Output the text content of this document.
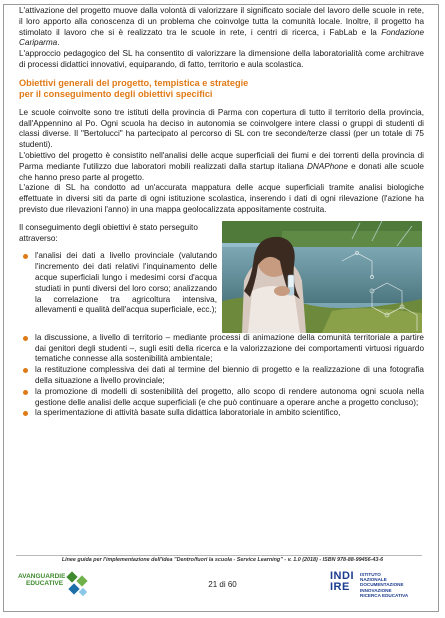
L'attivazione del progetto muove dalla volontà di valorizzare il significato sociale del lavoro delle scuole in rete, il loro apporto alla conoscenza di un problema che coinvolge tutta la comunità locale. Inoltre, il progetto ha stimolato il lavoro che si è realizzato tra le scuole in rete, i centri di ricerca, i FabLab e la Fondazione Cariparma.

L'approccio pedagogico del SL ha consentito di valorizzare la dimensione della laboratorialità come architrave di processi didattici innovativi, equiparando, di fatto, territorio e aula scolastica.

Obiettivi generali del progetto, tempistica e strategie
per il conseguimento degli obiettivi specifici

Le scuole coinvolte sono tre istituti della provincia di Parma con copertura di tutto il territorio della provincia, dall'Appennino al Po. Ogni scuola ha deciso in autonomia se coinvolgere intere classi o gruppi di studenti di classi diverse. Il "Bertolucci" ha partecipato al percorso di SL con tre seconde/terze classi (per un totale di 75 studenti).

L'obiettivo del progetto è consistito nell'analisi delle acque superficiali dei fiumi e dei torrenti della provincia di Parma mediante l'utilizzo due laboratori mobili realizzati dalla startup italiana DNAPhone e donati alle scuole che hanno preso parte al progetto.

L'azione di SL ha condotto ad un'accurata mappatura delle acque superficiali tramite analisi biologiche effettuate in diversi siti da parte di ogni istituzione scolastica, inserendo i dati di ogni rilevazione (l'azione ha previsto due rilevazioni l'anno) in una mappa geolocalizzata appositamente costruita.

Il conseguimento degli obiettivi è stato perseguito attraverso:

l'analisi dei dati a livello provinciale (valutando l'incremento dei dati relativi l'inquinamento delle acque superficiali lungo i medesimi corsi d'acqua studiati in punti diversi del loro corso; analizzando la correlazione tra agricoltura intensiva, allevamenti e qualità dell'acqua superficiale, ecc.);
la discussione, a livello di territorio – mediante processi di animazione della comunità territoriale a partire dai genitori degli studenti –, sugli esiti della ricerca e la valorizzazione dei comportamenti virtuosi riguardo tematiche connesse alla sostenibilità ambientale;
la restituzione complessiva dei dati al termine del biennio di progetto e la realizzazione di una fotografia della situazione a livello provinciale;
la promozione di modelli di sostenibilità del progetto, allo scopo di rendere autonoma ogni scuola nella gestione delle analisi delle acque superficiali (e che può continuare a operare anche a progetto concluso);
la sperimentazione di attività basate sulla didattica laboratoriale in ambito scientifico,
Linee guida per l'implementazione dell'idea "Dentro/fuori la scuola - Service Learning" - v. 1.0 (2018) - ISBN 978-88-99456-43-6
AVANGUARDIE
EDUCATIVE	21 di 60
INDI
IRE
ISTITUTO
NAZIONALE
DOCUMENTAZIONE
INNOVAZIONE
RICERCA EDUCATIVA
